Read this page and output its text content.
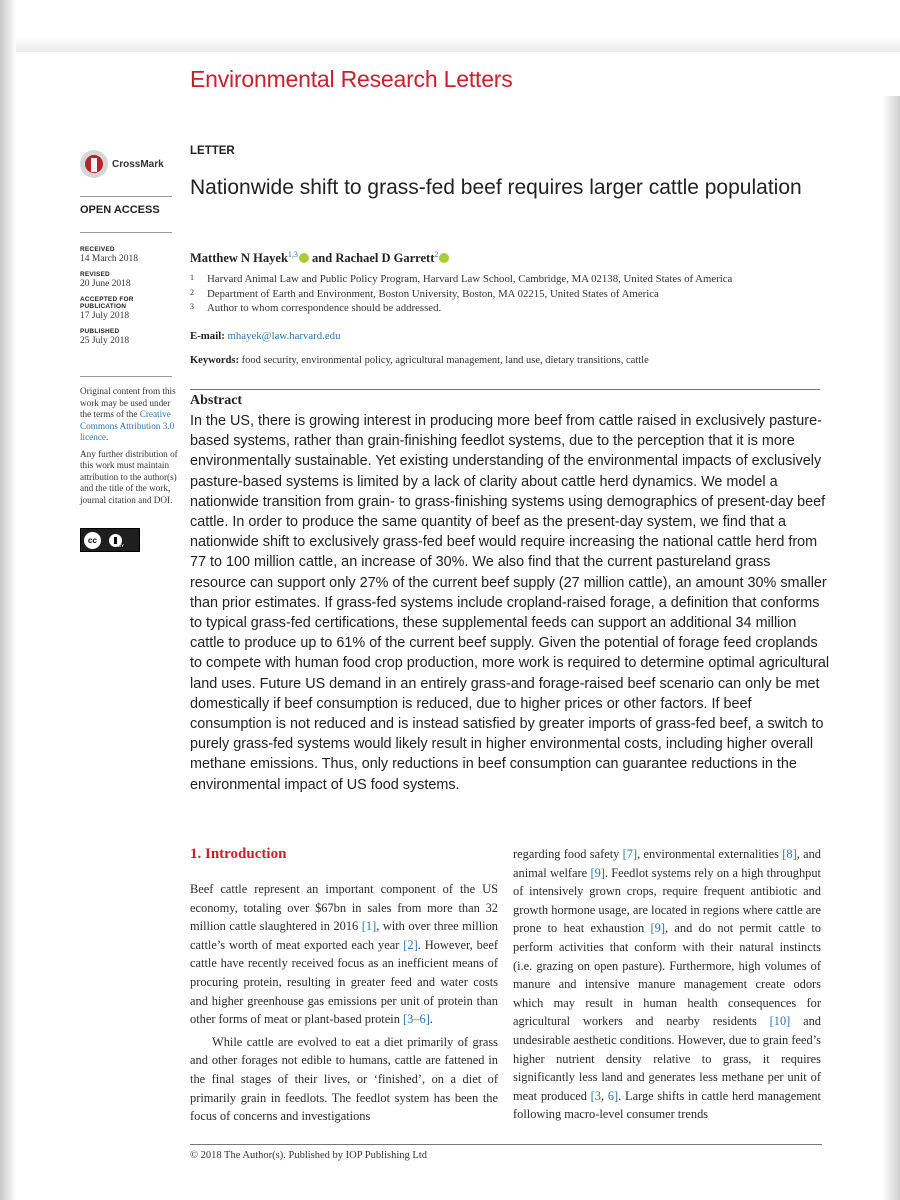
Environmental Research Letters
CrossMark
OPEN ACCESS
RECEIVED
14 March 2018
REVISED
20 June 2018
ACCEPTED FOR PUBLICATION
17 July 2018
PUBLISHED
25 July 2018

Original content from this work may be used under the terms of the Creative Commons Attribution 3.0 licence.

Any further distribution of this work must maintain attribution to the author(s) and the title of the work, journal citation and DOI.

cc
BY
LETTER
Nationwide shift to grass-fed beef requires larger cattle population
Matthew N Hayek$^{1,3}$ and Rachael D Garrett$^2$
1	Harvard Animal Law and Public Policy Program, Harvard Law School, Cambridge, MA 02138, United States of America
2	Department of Earth and Environment, Boston University, Boston, MA 02215, United States of America
3	Author to whom correspondence should be addressed.
E-mail: mhayek@law.harvard.edu
Keywords: food security, environmental policy, agricultural management, land use, dietary transitions, cattle
Abstract

In the US, there is growing interest in producing more beef from cattle raised in exclusively pasture-based systems, rather than grain-finishing feedlot systems, due to the perception that it is more environmentally sustainable. Yet existing understanding of the environmental impacts of exclusively pasture-based systems is limited by a lack of clarity about cattle herd dynamics. We model a nationwide transition from grain- to grass-finishing systems using demographics of present-day beef cattle. In order to produce the same quantity of beef as the present-day system, we find that a nationwide shift to exclusively grass-fed beef would require increasing the national cattle herd from 77 to 100 million cattle, an increase of 30%. We also find that the current pastureland grass resource can support only 27% of the current beef supply (27 million cattle), an amount 30% smaller than prior estimates. If grass-fed systems include cropland-raised forage, a definition that conforms to typical grass-fed certifications, these supplemental feeds can support an additional 34 million cattle to produce up to 61% of the current beef supply. Given the potential of forage feed croplands to compete with human food crop production, more work is required to determine optimal agricultural land uses. Future US demand in an entirely grass-and forage-raised beef scenario can only be met domestically if beef consumption is reduced, due to higher prices or other factors. If beef consumption is not reduced and is instead satisfied by greater imports of grass-fed beef, a switch to purely grass-fed systems would likely result in higher environmental costs, including higher overall methane emissions. Thus, only reductions in beef consumption can guarantee reductions in the environmental impact of US food systems.

1. Introduction

Beef cattle represent an important component of the US economy, totaling over $67bn in sales from more than 32 million cattle slaughtered in 2016 [1], with over three million cattle’s worth of meat exported each year [2]. However, beef cattle have recently received focus as an inefficient means of procuring protein, resulting in greater feed and water costs and higher greenhouse gas emissions per unit of protein than other forms of meat or plant-based protein [3–6].

While cattle are evolved to eat a diet primarily of grass and other forages not edible to humans, cattle are fattened in the final stages of their lives, or ‘finished’, on a diet of primarily grain in feedlots. The feedlot system has been the focus of concerns and investigations

regarding food safety [7], environmental externalities [8], and animal welfare [9]. Feedlot systems rely on a high throughput of intensively grown crops, require frequent antibiotic and growth hormone usage, are located in regions where cattle are prone to heat exhaustion [9], and do not permit cattle to perform activities that conform with their natural instincts (i.e. grazing on open pasture). Furthermore, high volumes of manure and intensive manure management create odors which may result in human health consequences for agricultural workers and nearby residents [10] and undesirable aesthetic conditions. However, due to grain feed’s higher nutrient density relative to grass, it requires significantly less land and generates less methane per unit of meat produced [3, 6]. Large shifts in cattle herd management following macro-level consumer trends

© 2018 The Author(s). Published by IOP Publishing Ltd
